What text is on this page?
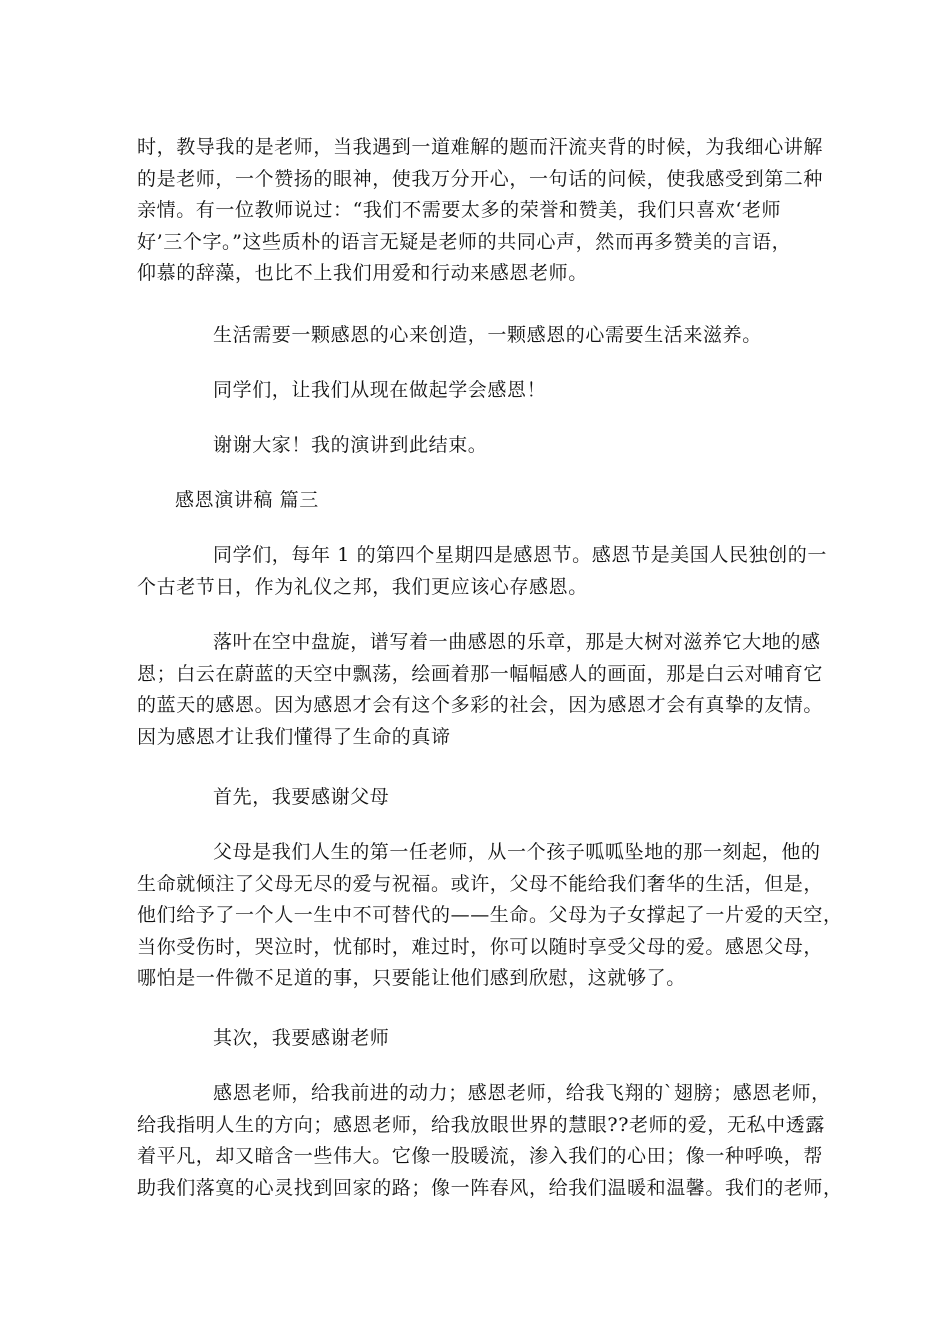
时，教导我的是老师，当我遇到一道难解的题而汗流夹背的时候，为我细心讲解
的是老师，一个赞扬的眼神，使我万分开心，一句话的问候，使我感受到第二种
亲情。有一位教师说过：“我们不需要太多的荣誉和赞美，我们只喜欢‘老师
好’三个字。”这些质朴的语言无疑是老师的共同心声，然而再多赞美的言语，
仰慕的辞藻，也比不上我们用爱和行动来感恩老师。

生活需要一颗感恩的心来创造，一颗感恩的心需要生活来滋养。

同学们，让我们从现在做起学会感恩！

谢谢大家！我的演讲到此结束。

感恩演讲稿 篇三

同学们，每年 1 的第四个星期四是感恩节。感恩节是美国人民独创的一
个古老节日，作为礼仪之邦，我们更应该心存感恩。

落叶在空中盘旋，谱写着一曲感恩的乐章，那是大树对滋养它大地的感
恩；白云在蔚蓝的天空中飘荡，绘画着那一幅幅感人的画面，那是白云对哺育它
的蓝天的感恩。因为感恩才会有这个多彩的社会，因为感恩才会有真挚的友情。
因为感恩才让我们懂得了生命的真谛

首先，我要感谢父母

父母是我们人生的第一任老师，从一个孩子呱呱坠地的那一刻起，他的
生命就倾注了父母无尽的爱与祝福。或许，父母不能给我们奢华的生活，但是，
他们给予了一个人一生中不可替代的——生命。父母为子女撑起了一片爱的天空，
当你受伤时，哭泣时，忧郁时，难过时，你可以随时享受父母的爱。感恩父母，
哪怕是一件微不足道的事，只要能让他们感到欣慰，这就够了。

其次，我要感谢老师

感恩老师，给我前进的动力；感恩老师，给我飞翔的`翅膀；感恩老师，
给我指明人生的方向；感恩老师，给我放眼世界的慧眼??老师的爱，无私中透露
着平凡，却又暗含一些伟大。它像一股暖流，渗入我们的心田；像一种呼唤，帮
助我们落寞的心灵找到回家的路；像一阵春风，给我们温暖和温馨。我们的老师，
